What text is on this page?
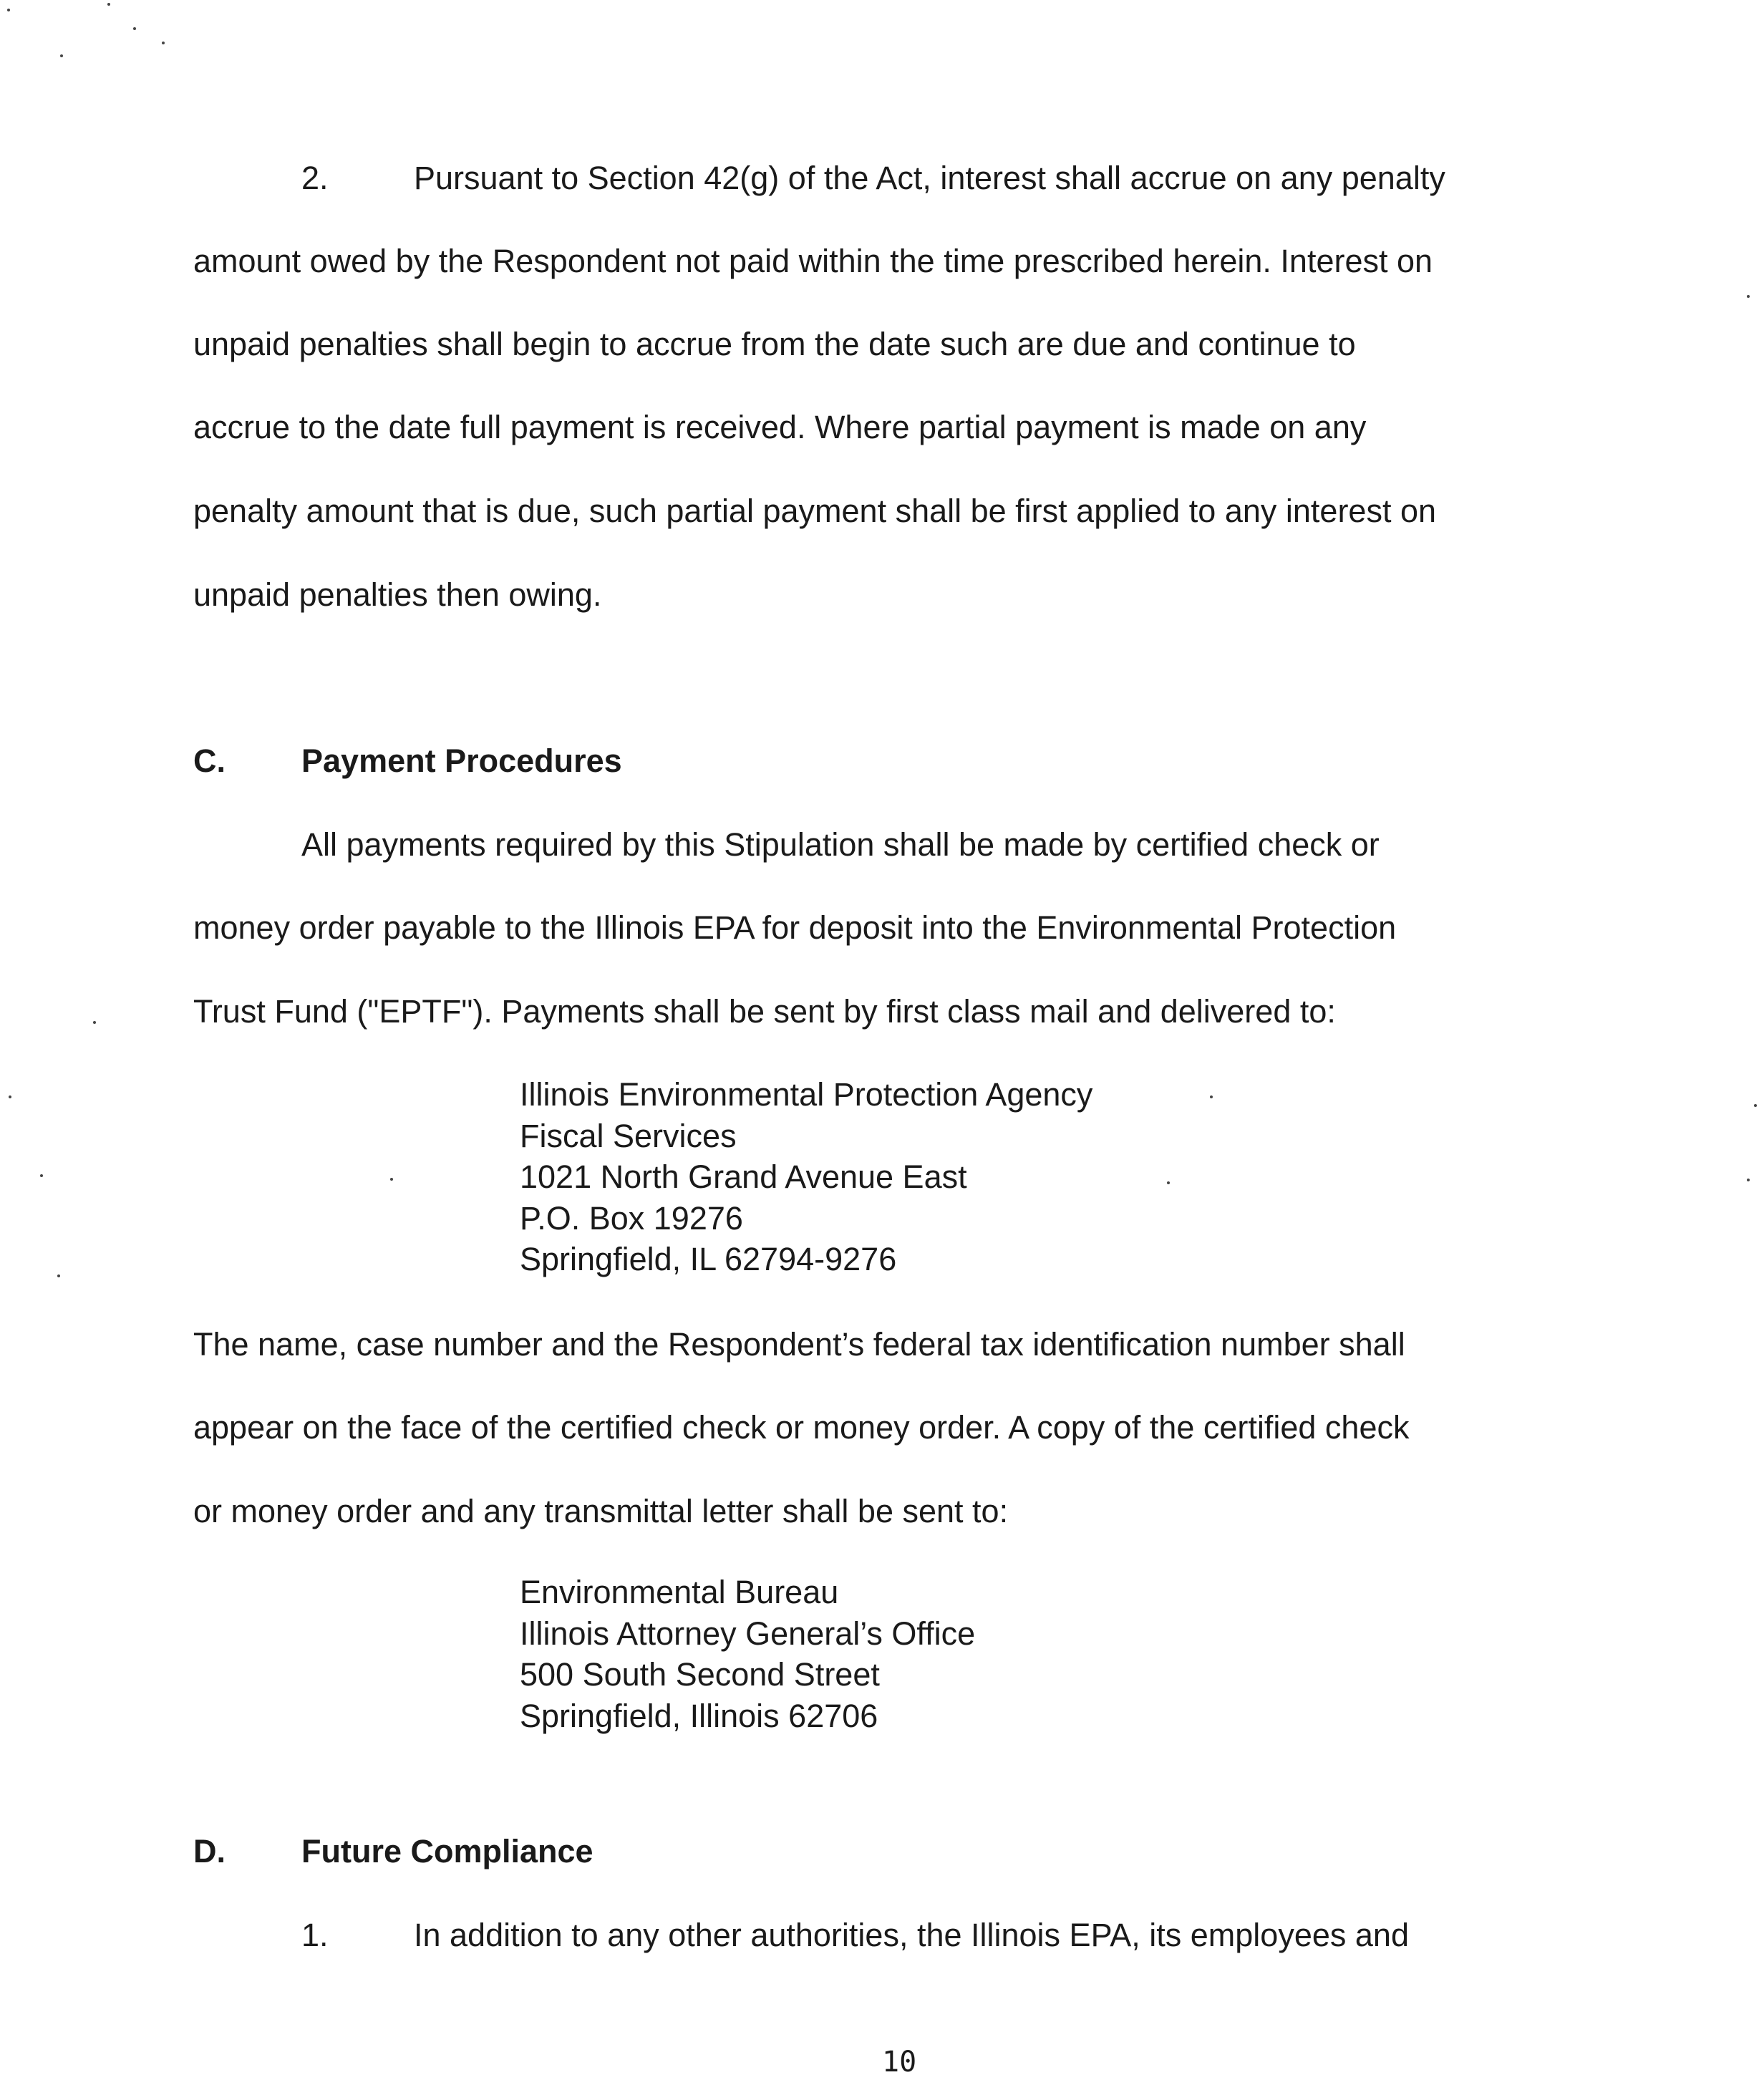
2.	Pursuant to Section 42(g) of the Act, interest shall accrue on any penalty
amount owed by the Respondent not paid within the time prescribed herein. Interest on
unpaid penalties shall begin to accrue from the date such are due and continue to
accrue to the date full payment is received. Where partial payment is made on any
penalty amount that is due, such partial payment shall be first applied to any interest on
unpaid penalties then owing.
C. Payment Procedures
All payments required by this Stipulation shall be made by certified check or
money order payable to the Illinois EPA for deposit into the Environmental Protection
Trust Fund ("EPTF"). Payments shall be sent by first class mail and delivered to:
Illinois Environmental Protection Agency
Fiscal Services
1021 North Grand Avenue East
P.O. Box 19276
Springfield, IL 62794-9276
The name, case number and the Respondent’s federal tax identification number shall
appear on the face of the certified check or money order. A copy of the certified check
or money order and any transmittal letter shall be sent to:
Environmental Bureau
Illinois Attorney General’s Office
500 South Second Street
Springfield, Illinois 62706
D. Future Compliance
1.	In addition to any other authorities, the Illinois EPA, its employees and
10
